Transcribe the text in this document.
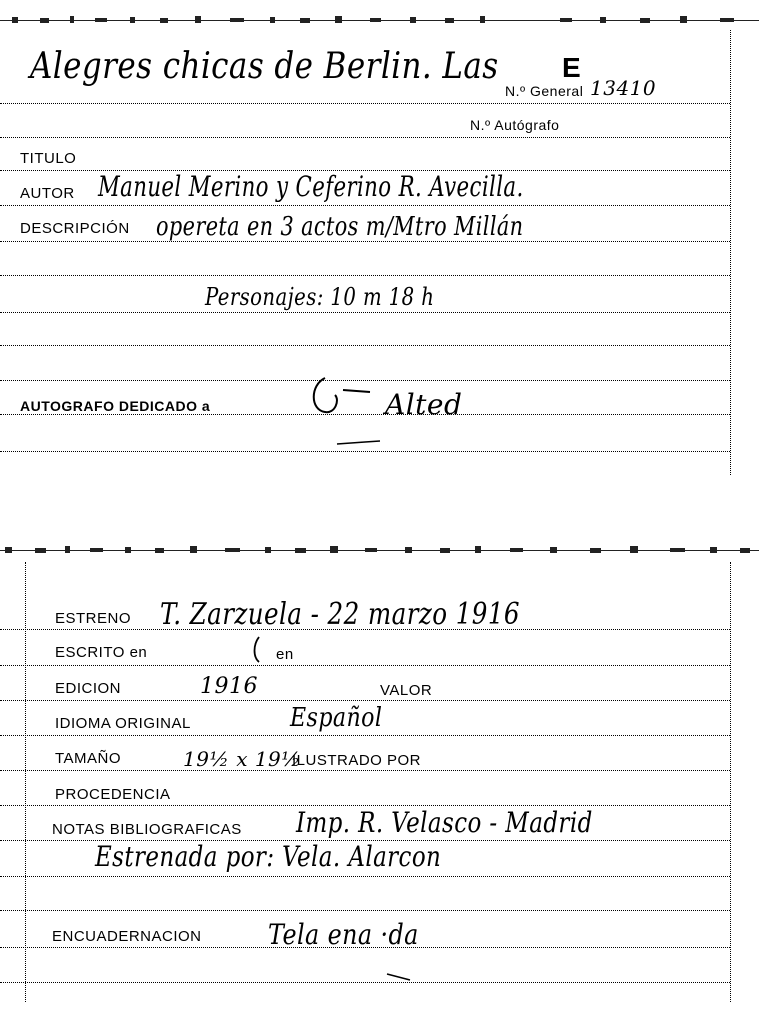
Alegres chicas de Berlin. Las
N.º General
E
13410
N.º Autógrafo
TITULO
AUTOR Manuel Merino y Ceferino R. Avecilla.
DESCRIPCIÓN opereta en 3 actos m/Mtro Millán
Personajes: 10 m 18 h
AUTOGRAFO DEDICADO a	Alted
ESTRENO T. Zarzuela - 22 marzo 1916
ESCRITO en	en
EDICION	1916	VALOR
IDIOMA ORIGINAL	Español
TAMAÑO	19½ x 19½
ILUSTRADO POR
PROCEDENCIA
NOTAS BIBLIOGRAFICAS Imp. R. Velasco - Madrid
Estrenada por: Vela. Alarcon
ENCUADERNACION Tela ena ·da
